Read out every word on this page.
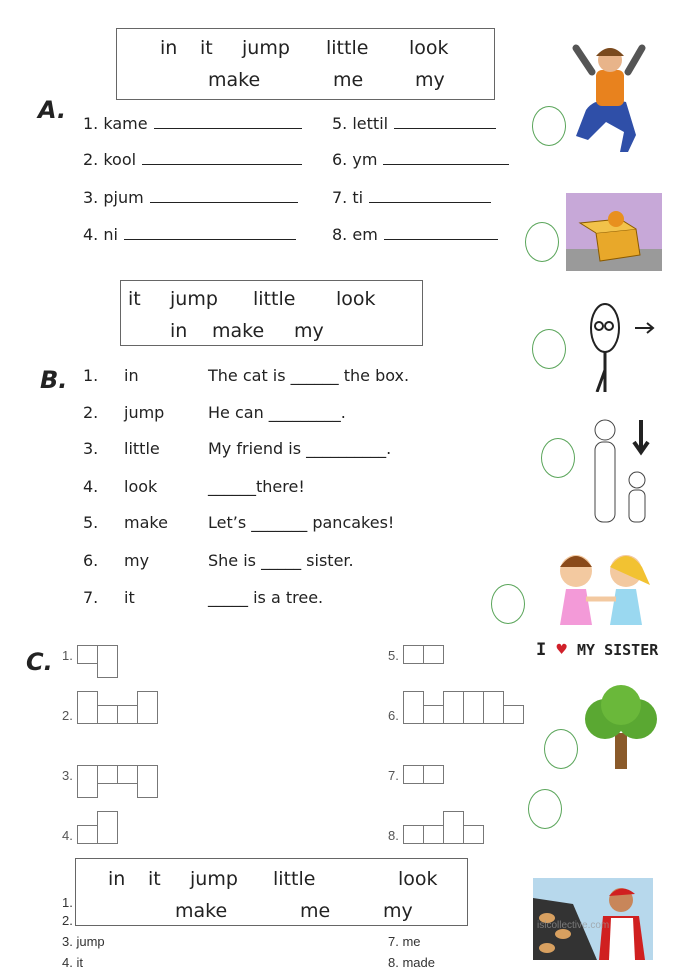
in it jump little look
make	me	my
A. 1. kame
2. kool
3. pjum
4. ni
5. lettil
6. ym
7. ti
8. em
it jump little look
in make my
B. 1. in	The cat is ______ the box.
2. jump	He can _________.
3. little	My friend is __________.
4. look	______there!
5. make	Let’s _______ pancakes!
6. my	She is _____ sister.
7. it	_____ is a tree.
C. 1.
2.
3.
4.
5.
6.
7.
8.
1.
2.
3. jump
4. it
7. me
8. made
in it jump little	look
make	me	my
I ♥ MY SISTER
islcollective.com
